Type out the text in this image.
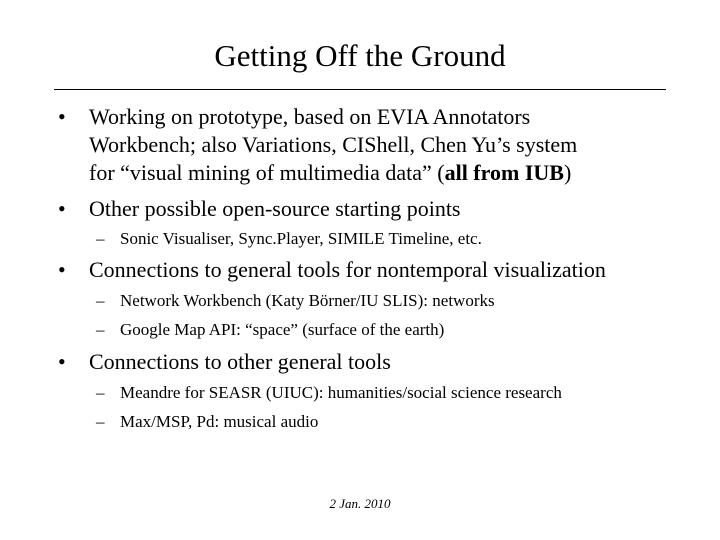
Getting Off the Ground
• Working on prototype, based on EVIA Annotators
Workbench; also Variations, CIShell, Chen Yu’s system
for “visual mining of multimedia data” (all from IUB)
• Other possible open-source starting points
– Sonic Visualiser, Sync.Player, SIMILE Timeline, etc.
• Connections to general tools for nontemporal visualization
– Network Workbench (Katy Börner/IU SLIS): networks
– Google Map API: “space” (surface of the earth)
• Connections to other general tools
– Meandre for SEASR (UIUC): humanities/social science research
– Max/MSP, Pd: musical audio
2 Jan. 2010
